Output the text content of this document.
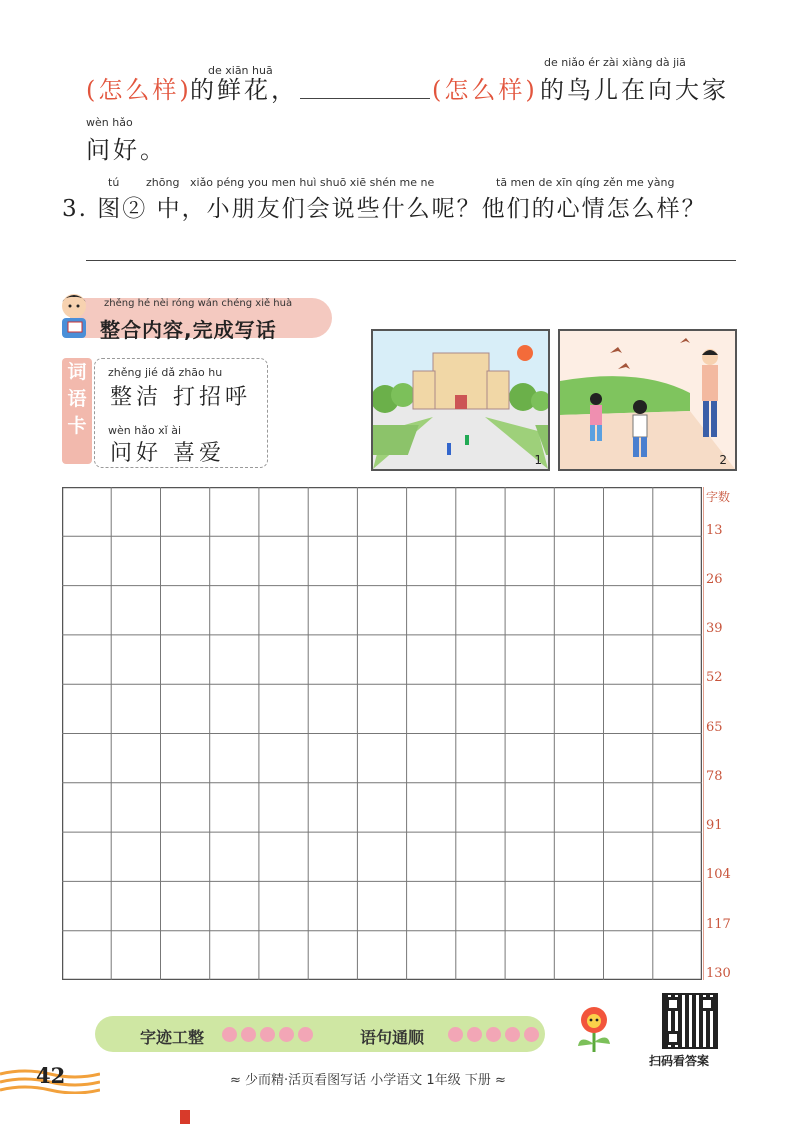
de xiān huā
(怎么样)
的鲜花，	(怎么样)
de niǎo ér zài xiàng dà jiā
的鸟儿在向大家
wèn hǎo
问好。
tú zhōng xiǎo péng you men huì shuō xiē shén me ne	tā men de xīn qíng zěn me yàng
3. 图② 中，小朋友们会说些什么呢？他们的心情怎么样？
zhěng hé nèi róng wán chéng xiě huà
整合内容,完成写话
词语卡
zhěng jié dǎ zhāo hu
整洁 打招呼
wèn hǎo xǐ ài
问好 喜爱	1	2
字数
13
26
39
52
65
78
91
104
117
130
字迹工整	语句通顺
扫码看答案
42	≈ 少而精·活页看图写话 小学语文 1年级 下册 ≈
